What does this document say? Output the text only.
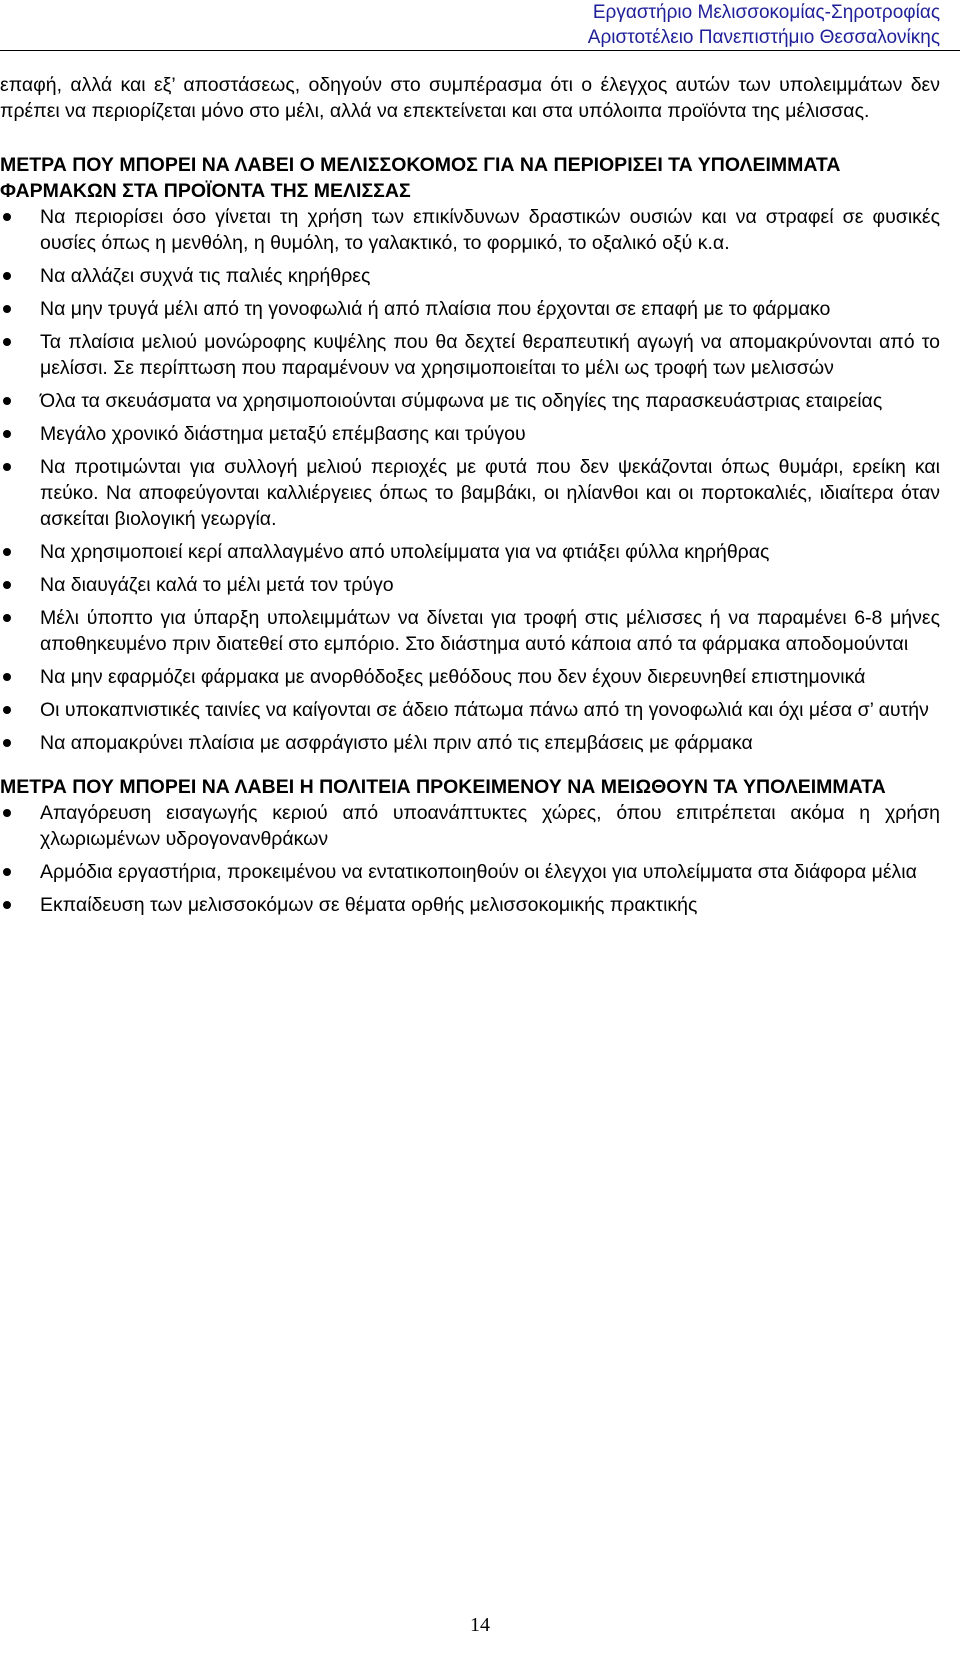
Εργαστήριο Μελισσοκομίας-Σηροτροφίας
Αριστοτέλειο Πανεπιστήμιο Θεσσαλονίκης

επαφή, αλλά και εξ’ αποστάσεως, οδηγούν στο συμπέρασμα ότι ο έλεγχος αυτών των υπολειμμάτων δεν πρέπει να περιορίζεται μόνο στο μέλι, αλλά να επεκτείνεται και στα υπόλοιπα προϊόντα της μέλισσας.

ΜΕΤΡΑ ΠΟΥ ΜΠΟΡΕΙ ΝΑ ΛΑΒΕΙ Ο ΜΕΛΙΣΣΟΚΟΜΟΣ ΓΙΑ ΝΑ ΠΕΡΙΟΡΙΣΕΙ ΤΑ ΥΠΟΛΕΙΜΜΑΤΑ ΦΑΡΜΑΚΩΝ ΣΤΑ ΠΡΟΪΟΝΤΑ ΤΗΣ ΜΕΛΙΣΣΑΣ
Να περιορίσει όσο γίνεται τη χρήση των επικίνδυνων δραστικών ουσιών και να στραφεί σε φυσικές ουσίες όπως η μενθόλη, η θυμόλη, το γαλακτικό, το φορμικό, το οξαλικό οξύ κ.α.
Να αλλάζει συχνά τις παλιές κηρήθρες
Να μην τρυγά μέλι από τη γονοφωλιά ή από πλαίσια που έρχονται σε επαφή με το φάρμακο
Τα πλαίσια μελιού μονώροφης κυψέλης που θα δεχτεί θεραπευτική αγωγή να απομακρύνονται από το μελίσσι. Σε περίπτωση που παραμένουν να χρησιμοποιείται το μέλι ως τροφή των μελισσών
Όλα τα σκευάσματα να χρησιμοποιούνται σύμφωνα με τις οδηγίες της παρασκευάστριας εταιρείας
Μεγάλο χρονικό διάστημα μεταξύ επέμβασης και τρύγου
Να προτιμώνται για συλλογή μελιού περιοχές με φυτά που δεν ψεκάζονται όπως θυμάρι, ερείκη και πεύκο. Να αποφεύγονται καλλιέργειες όπως το βαμβάκι, οι ηλίανθοι και οι πορτοκαλιές, ιδιαίτερα όταν ασκείται βιολογική γεωργία.
Να χρησιμοποιεί κερί απαλλαγμένο από υπολείμματα για να φτιάξει φύλλα κηρήθρας
Να διαυγάζει καλά το μέλι μετά τον τρύγο
Μέλι ύποπτο για ύπαρξη υπολειμμάτων να δίνεται για τροφή στις μέλισσες ή να παραμένει 6-8 μήνες αποθηκευμένο πριν διατεθεί στο εμπόριο. Στο διάστημα αυτό κάποια από τα φάρμακα αποδομούνται
Να μην εφαρμόζει φάρμακα με ανορθόδοξες μεθόδους που δεν έχουν διερευνηθεί επιστημονικά
Οι υποκαπνιστικές ταινίες να καίγονται σε άδειο πάτωμα πάνω από τη γονοφωλιά και όχι μέσα σ’ αυτήν
Να απομακρύνει πλαίσια με ασφράγιστο μέλι πριν από τις επεμβάσεις με φάρμακα
ΜΕΤΡΑ ΠΟΥ ΜΠΟΡΕΙ ΝΑ ΛΑΒΕΙ Η ΠΟΛΙΤΕΙΑ ΠΡΟΚΕΙΜΕΝΟΥ ΝΑ ΜΕΙΩΘΟΥΝ ΤΑ ΥΠΟΛΕΙΜΜΑΤΑ
Απαγόρευση εισαγωγής κεριού από υποανάπτυκτες χώρες, όπου επιτρέπεται ακόμα η χρήση χλωριωμένων υδρογονανθράκων
Αρμόδια εργαστήρια, προκειμένου να εντατικοποιηθούν οι έλεγχοι για υπολείμματα στα διάφορα μέλια
Εκπαίδευση των μελισσοκόμων σε θέματα ορθής μελισσοκομικής πρακτικής
14
